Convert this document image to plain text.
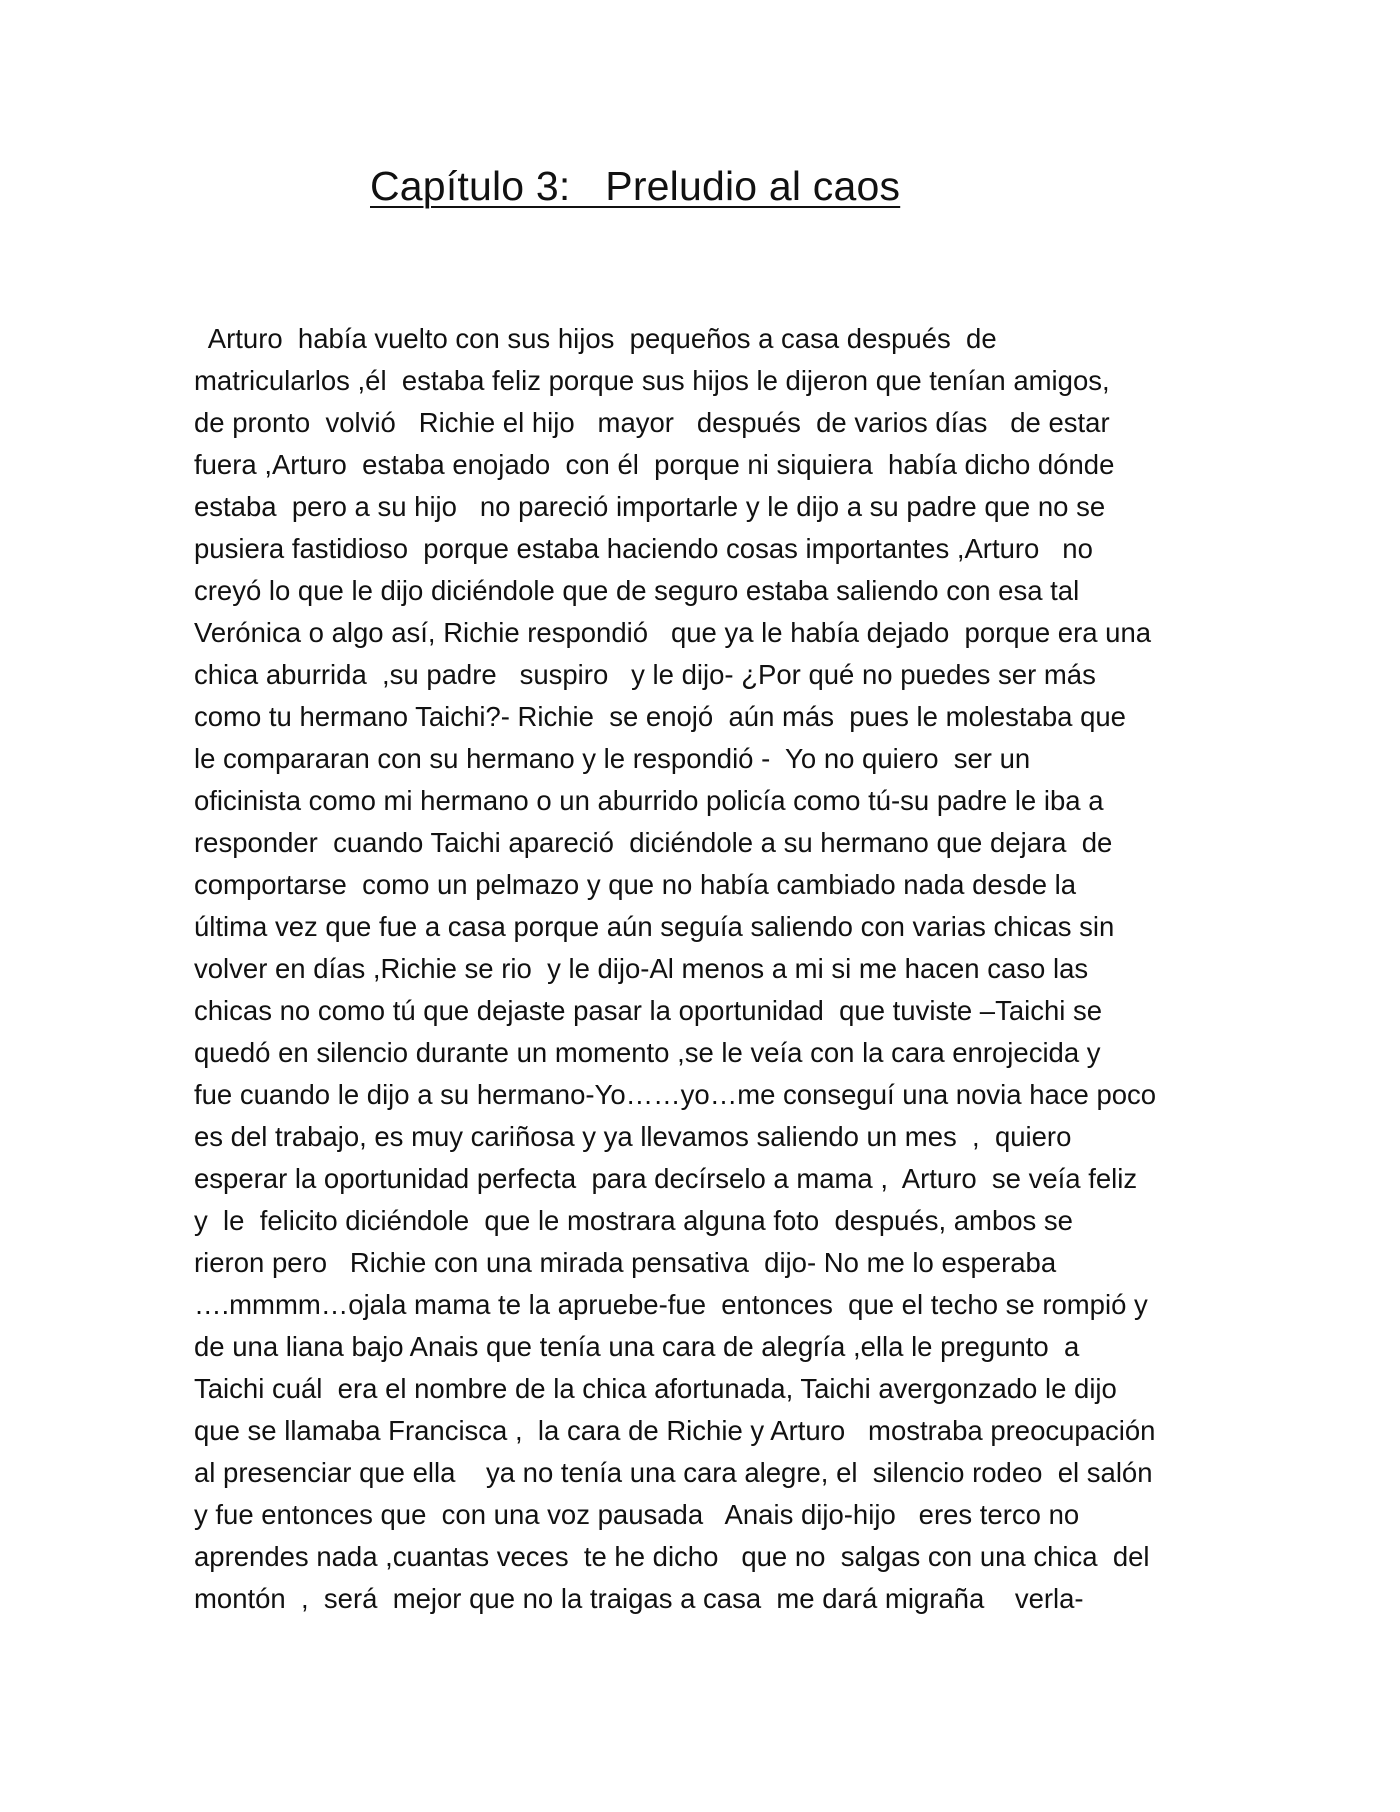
Capítulo 3:   Preludio al caos
Arturo  había vuelto con sus hijos  pequeños a casa después  de
matricularlos ,él  estaba feliz porque sus hijos le dijeron que tenían amigos,
de pronto  volvió   Richie el hijo   mayor   después  de varios días   de estar
fuera ,Arturo  estaba enojado  con él  porque ni siquiera  había dicho dónde
estaba  pero a su hijo   no pareció importarle y le dijo a su padre que no se
pusiera fastidioso  porque estaba haciendo cosas importantes ,Arturo   no
creyó lo que le dijo diciéndole que de seguro estaba saliendo con esa tal
Verónica o algo así, Richie respondió   que ya le había dejado  porque era una
chica aburrida  ,su padre   suspiro   y le dijo- ¿Por qué no puedes ser más
como tu hermano Taichi?- Richie  se enojó  aún más  pues le molestaba que
le compararan con su hermano y le respondió -  Yo no quiero  ser un
oficinista como mi hermano o un aburrido policía como tú-su padre le iba a
responder  cuando Taichi apareció  diciéndole a su hermano que dejara  de
comportarse  como un pelmazo y que no había cambiado nada desde la
última vez que fue a casa porque aún seguía saliendo con varias chicas sin
volver en días ,Richie se rio  y le dijo-Al menos a mi si me hacen caso las
chicas no como tú que dejaste pasar la oportunidad  que tuviste –Taichi se
quedó en silencio durante un momento ,se le veía con la cara enrojecida y
fue cuando le dijo a su hermano-Yo……yo…me conseguí una novia hace poco
es del trabajo, es muy cariñosa y ya llevamos saliendo un mes  ,  quiero
esperar la oportunidad perfecta  para decírselo a mama ,  Arturo  se veía feliz
y  le  felicito diciéndole  que le mostrara alguna foto  después, ambos se
rieron pero   Richie con una mirada pensativa  dijo- No me lo esperaba
….mmmm…ojala mama te la apruebe-fue  entonces  que el techo se rompió y
de una liana bajo Anais que tenía una cara de alegría ,ella le pregunto  a
Taichi cuál  era el nombre de la chica afortunada, Taichi avergonzado le dijo
que se llamaba Francisca ,  la cara de Richie y Arturo   mostraba preocupación
al presenciar que ella    ya no tenía una cara alegre, el  silencio rodeo  el salón
y fue entonces que  con una voz pausada   Anais dijo-hijo   eres terco no
aprendes nada ,cuantas veces  te he dicho   que no  salgas con una chica  del
montón  ,  será  mejor que no la traigas a casa  me dará migraña    verla-
